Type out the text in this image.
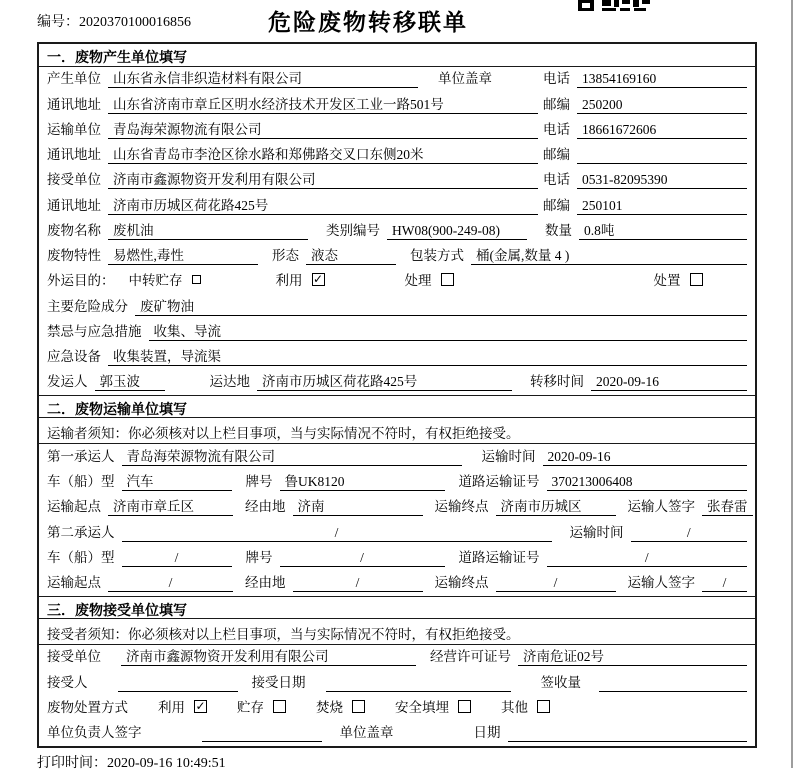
编号：2020370100016856	危险废物转移联单
一．废物产生单位填写
产生单位 山东省永信非织造材料有限公司	单位盖章	电话 13854169160
通讯地址 山东省济南市章丘区明水经济技术开发区工业一路501号	邮编 250200
运输单位 青岛海荣源物流有限公司	电话 18661672606
通讯地址 山东省青岛市李沧区徐水路和郑佛路交叉口东侧20米	邮编
接受单位 济南市鑫源物资开发利用有限公司	电话 0531-82095390
通讯地址 济南市历城区荷花路425号	邮编 250101
废物名称 废机油	类别编号 HW08(900-249-08)	数量 0.8吨
废物特性 易燃性,毒性	形态 液态	包装方式 桶(金属,数量 4 )
外运目的： 中转贮存	利用 ✓	处理	处置
主要危险成分 废矿物油
禁忌与应急措施 收集、导流
应急设备 收集装置，导流渠
发运人 郭玉波	运达地 济南市历城区荷花路425号	转移时间 2020-09-16
二．废物运输单位填写
运输者须知：你必须核对以上栏目事项，当与实际情况不符时，有权拒绝接受。
第一承运人 青岛海荣源物流有限公司	运输时间 2020-09-16
车（船）型 汽车	牌号 鲁UK8120	道路运输证号 370213006408
运输起点 济南市章丘区	经由地 济南	运输终点 济南市历城区	运输人签字 张春雷
第二承运人	/	运输时间	/
车（船）型	/	牌号	/	道路运输证号	/
运输起点	/	经由地	/	运输终点	/	运输人签字	/
三．废物接受单位填写
接受者须知：你必须核对以上栏目事项，当与实际情况不符时，有权拒绝接受。
接受单位	济南市鑫源物资开发利用有限公司	经营许可证号 济南危证02号
接受人	接受日期	签收量
废物处置方式 利用 ✓ 贮存	焚烧	安全填埋	其他
单位负责人签字	单位盖章	日期
打印时间：2020-09-16 10:49:51
